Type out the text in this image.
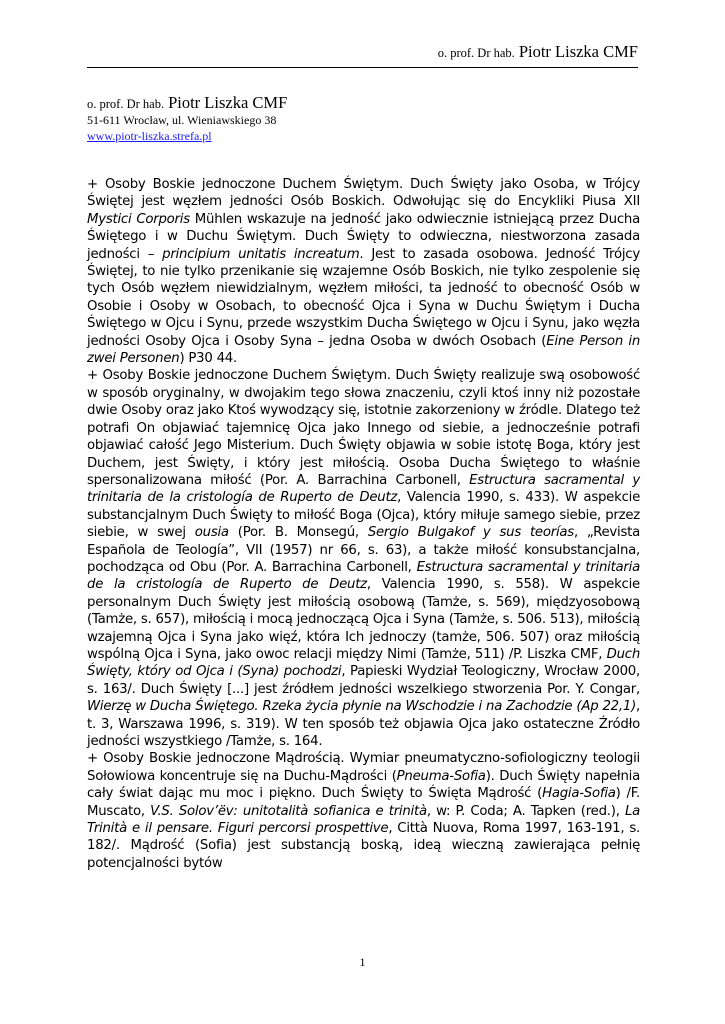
o. prof. Dr hab. Piotr Liszka CMF
o. prof. Dr hab. Piotr Liszka CMF
51-611 Wrocław, ul. Wieniawskiego 38
www.piotr-liszka.strefa.pl

+ Osoby Boskie jednoczone Duchem Świętym. Duch Święty jako Osoba, w Trójcy Świętej jest węzłem jedności Osób Boskich. Odwołując się do Encykliki Piusa XII Mystici Corporis Mühlen wskazuje na jedność jako odwiecznie istniejącą przez Ducha Świętego i w Duchu Świętym. Duch Święty to odwieczna, niestworzona zasada jedności – principium unitatis increatum. Jest to zasada osobowa. Jedność Trójcy Świętej, to nie tylko przenikanie się wzajemne Osób Boskich, nie tylko zespolenie się tych Osób węzłem niewidzialnym, węzłem miłości, ta jedność to obecność Osób w Osobie i Osoby w Osobach, to obecność Ojca i Syna w Duchu Świętym i Ducha Świętego w Ojcu i Synu, przede wszystkim Ducha Świętego w Ojcu i Synu, jako węzła jedności Osoby Ojca i Osoby Syna – jedna Osoba w dwóch Osobach (Eine Person in zwei Personen) P30 44.

+ Osoby Boskie jednoczone Duchem Świętym. Duch Święty realizuje swą osobowość w sposób oryginalny, w dwojakim tego słowa znaczeniu, czyli ktoś inny niż pozostałe dwie Osoby oraz jako Ktoś wywodzący się, istotnie zakorzeniony w źródle. Dlatego też potrafi On objawiać tajemnicę Ojca jako Innego od siebie, a jednocześnie potrafi objawiać całość Jego Misterium. Duch Święty objawia w sobie istotę Boga, który jest Duchem, jest Święty, i który jest miłością. Osoba Ducha Świętego to właśnie spersonalizowana miłość (Por. A. Barrachina Carbonell, Estructura sacramental y trinitaria de la cristología de Ruperto de Deutz, Valencia 1990, s. 433). W aspekcie substancjalnym Duch Święty to miłość Boga (Ojca), który miłuje samego siebie, przez siebie, w swej ousia (Por. B. Monsegú, Sergio Bulgakof y sus teorías, „Revista Española de Teología”, VII (1957) nr 66, s. 63), a także miłość konsubstancjalna, pochodząca od Obu (Por. A. Barrachina Carbonell, Estructura sacramental y trinitaria de la cristología de Ruperto de Deutz, Valencia 1990, s. 558). W aspekcie personalnym Duch Święty jest miłością osobową (Tamże, s. 569), międzyosobową (Tamże, s. 657), miłością i mocą jednoczącą Ojca i Syna (Tamże, s. 506. 513), miłością wzajemną Ojca i Syna jako więź, która Ich jednoczy (tamże, 506. 507) oraz miłością wspólną Ojca i Syna, jako owoc relacji między Nimi (Tamże, 511) /P. Liszka CMF, Duch Święty, który od Ojca i (Syna) pochodzi, Papieski Wydział Teologiczny, Wrocław 2000, s. 163/. Duch Święty [...] jest źródłem jedności wszelkiego stworzenia Por. Y. Congar, Wierzę w Ducha Świętego. Rzeka życia płynie na Wschodzie i na Zachodzie (Ap 22,1), t. 3, Warszawa 1996, s. 319). W ten sposób też objawia Ojca jako ostateczne Źródło jedności wszystkiego /Tamże, s. 164.

+ Osoby Boskie jednoczone Mądrością. Wymiar pneumatyczno-sofiologiczny teologii Sołowiowa koncentruje się na Duchu-Mądrości (Pneuma-Sofia). Duch Święty napełnia cały świat dając mu moc i piękno. Duch Święty to Święta Mądrość (Hagia-Sofia) /F. Muscato, V.S. Solov’ëv: unitotalità sofianica e trinità, w: P. Coda; A. Tapken (red.), La Trinità e il pensare. Figuri percorsi prospettive, Città Nuova, Roma 1997, 163-191, s. 182/. Mądrość (Sofia) jest substancją boską, ideą wieczną zawierająca pełnię potencjalności bytów

1
